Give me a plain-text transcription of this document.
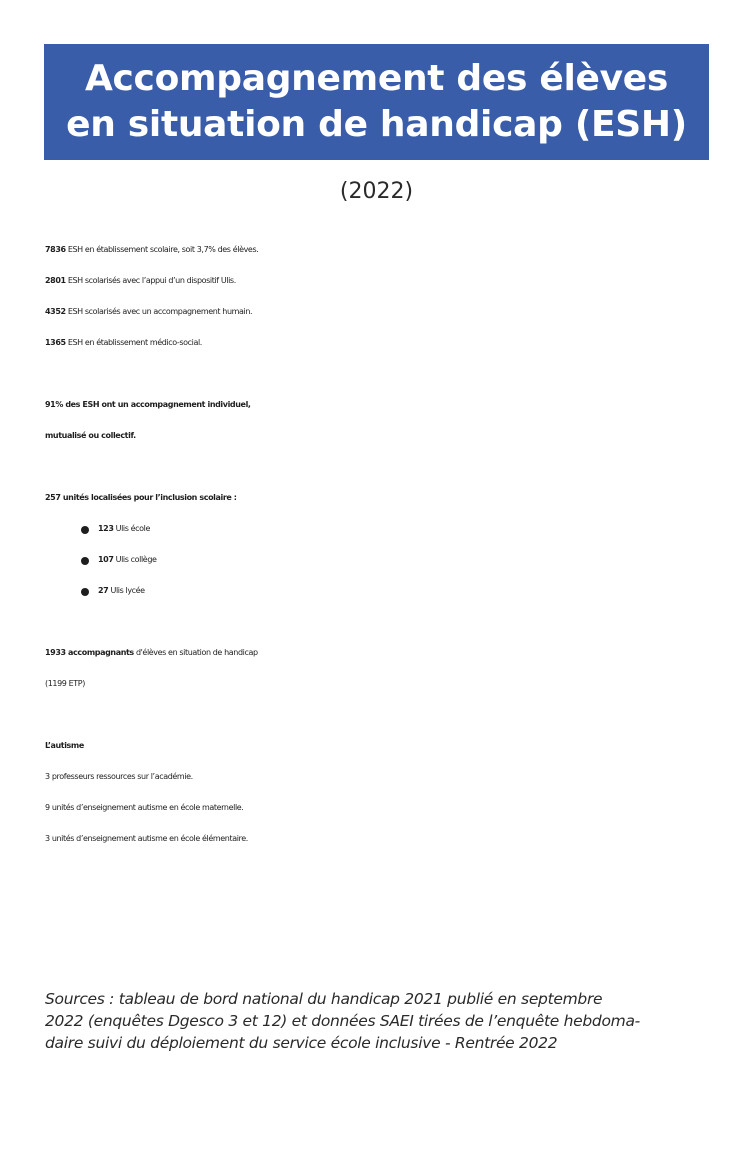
Accompagnement des élèves
en situation de handicap (ESH)
(2022)
7836 ESH en établissement scolaire, soit 3,7% des élèves.
2801 ESH scolarisés avec l’appui d’un dispositif Ulis.
4352 ESH scolarisés avec un accompagnement humain.
1365 ESH en établissement médico-social.
91% des ESH ont un accompagnement individuel,
mutualisé ou collectif.
257 unités localisées pour l’inclusion scolaire :
123 Ulis école
107 Ulis collège
27 Ulis lycée
1933 accompagnants d'élèves en situation de handicap
(1199 ETP)
L’autisme
3 professeurs ressources sur l’académie.
9 unités d’enseignement autisme en école maternelle.
3 unités d’enseignement autisme en école élémentaire.
Sources : tableau de bord national du handicap 2021 publié en septembre
2022 (enquêtes Dgesco 3 et 12) et données SAEI tirées de l’enquête hebdoma-
daire suivi du déploiement du service école inclusive - Rentrée 2022
